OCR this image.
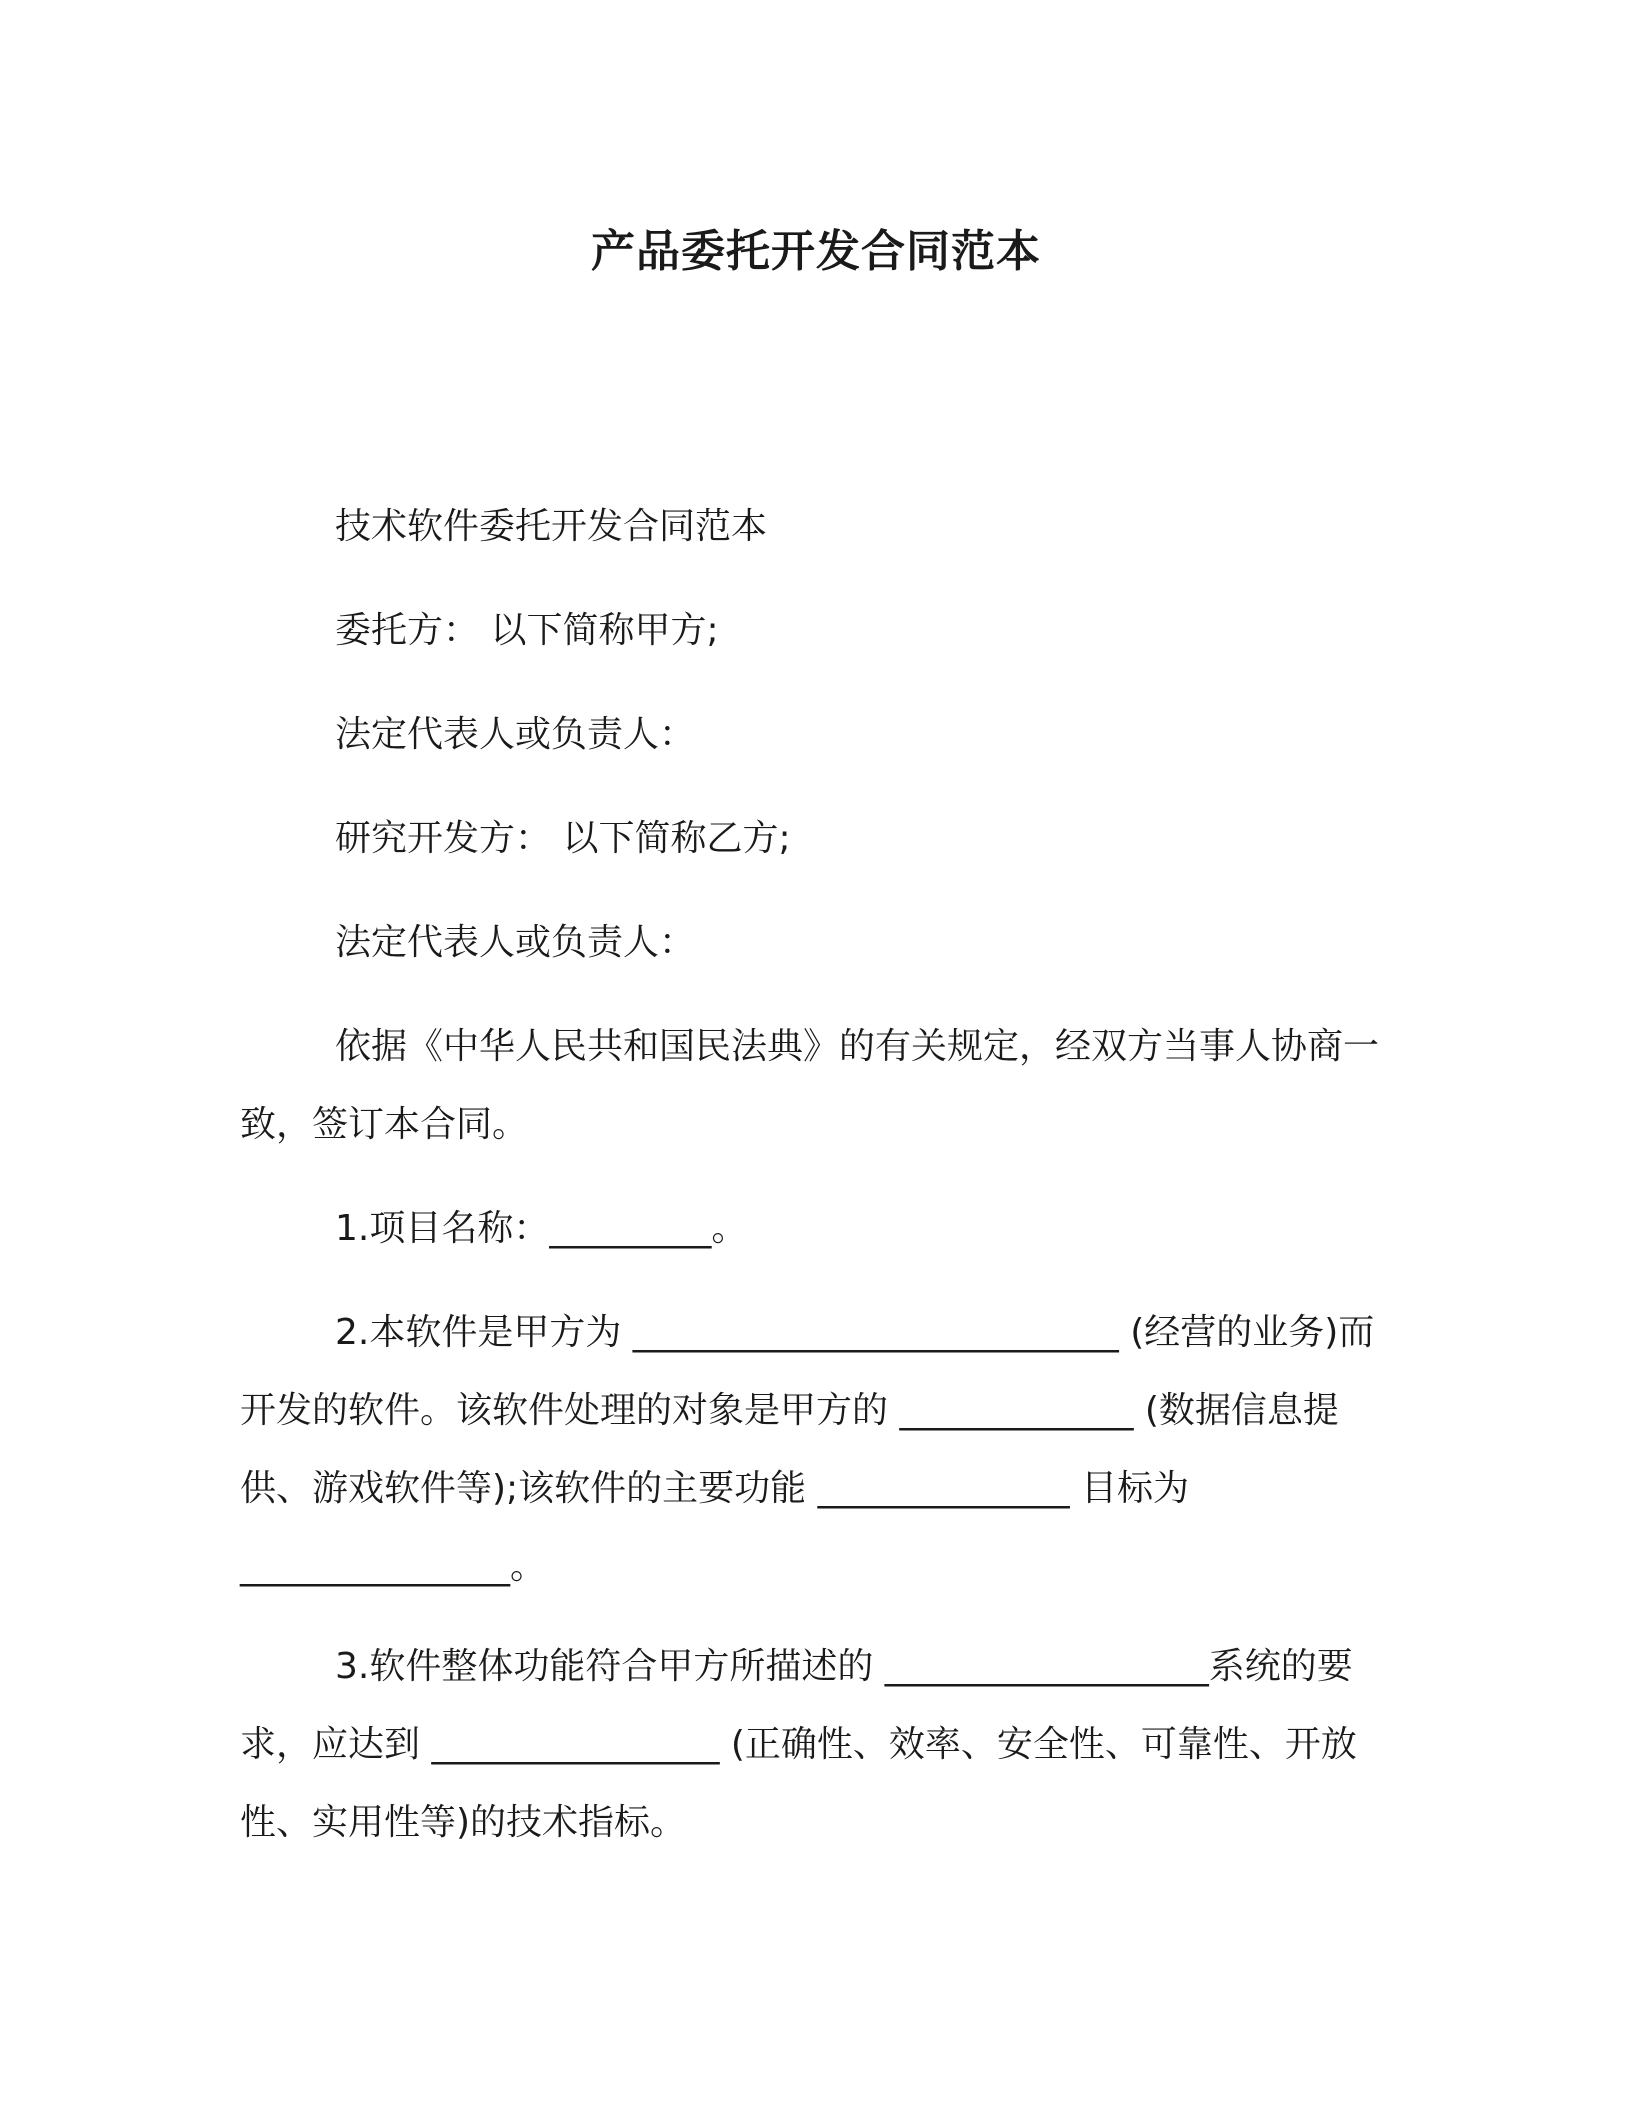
产品委托开发合同范本

技术软件委托开发合同范本

委托方： 以下简称甲方;

法定代表人或负责人：

研究开发方： 以下简称乙方;

法定代表人或负责人：

依据《中华人民共和国民法典》的有关规定，经双方当事人协商一致，签订本合同。

1.项目名称：_________。

2.本软件是甲方为 ___________________________ (经营的业务)而开发的软件。该软件处理的对象是甲方的 _____________ (数据信息提供、游戏软件等);该软件的主要功能 ______________ 目标为 _______________。

3.软件整体功能符合甲方所描述的 __________________系统的要求，应达到 ________________ (正确性、效率、安全性、可靠性、开放性、实用性等)的技术指标。
